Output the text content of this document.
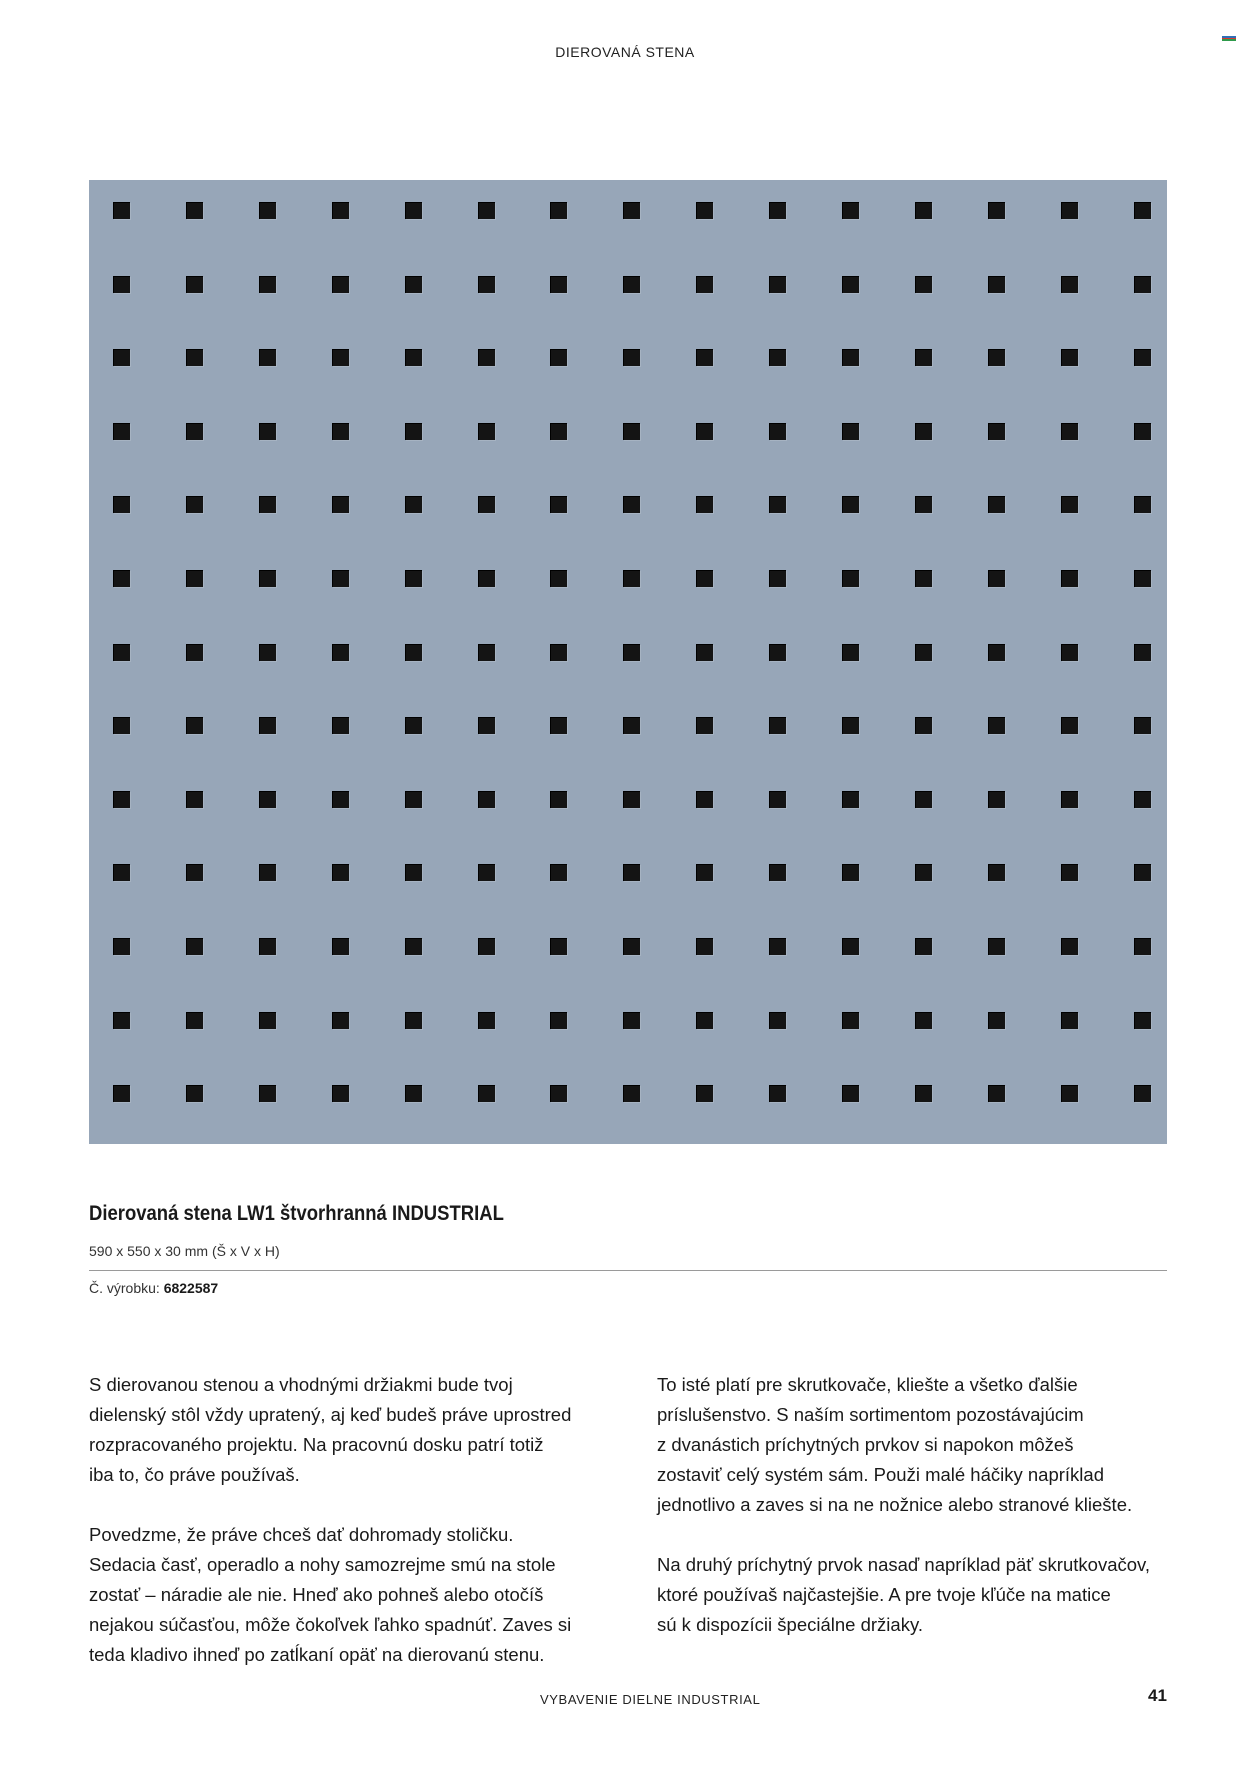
DIEROVANÁ STENA
Dierovaná stena LW1 štvorhranná INDUSTRIAL
590 x 550 x 30 mm (Š x V x H)
Č. výrobku: 6822587

S dierovanou stenou a vhodnými držiakmi bude tvoj
dielenský stôl vždy upratený, aj keď budeš práve uprostred
rozpracovaného projektu. Na pracovnú dosku patrí totiž
iba to, čo práve používaš.

Povedzme, že práve chceš dať dohromady stoličku.
Sedacia časť, operadlo a nohy samozrejme smú na stole
zostať – náradie ale nie. Hneď ako pohneš alebo otočíš
nejakou súčasťou, môže čokoľvek ľahko spadnúť. Zaves si
teda kladivo ihneď po zatĺkaní opäť na dierovanú stenu.

To isté platí pre skrutkovače, kliešte a všetko ďalšie
príslušenstvo. S naším sortimentom pozostávajúcim
z dvanástich príchytných prvkov si napokon môžeš
zostaviť celý systém sám. Použi malé háčiky napríklad
jednotlivo a zaves si na ne nožnice alebo stranové kliešte.

Na druhý príchytný prvok nasaď napríklad päť skrutkovačov,
ktoré používaš najčastejšie. A pre tvoje kľúče na matice
sú k dispozícii špeciálne držiaky.

VYBAVENIE DIELNE INDUSTRIAL	41
